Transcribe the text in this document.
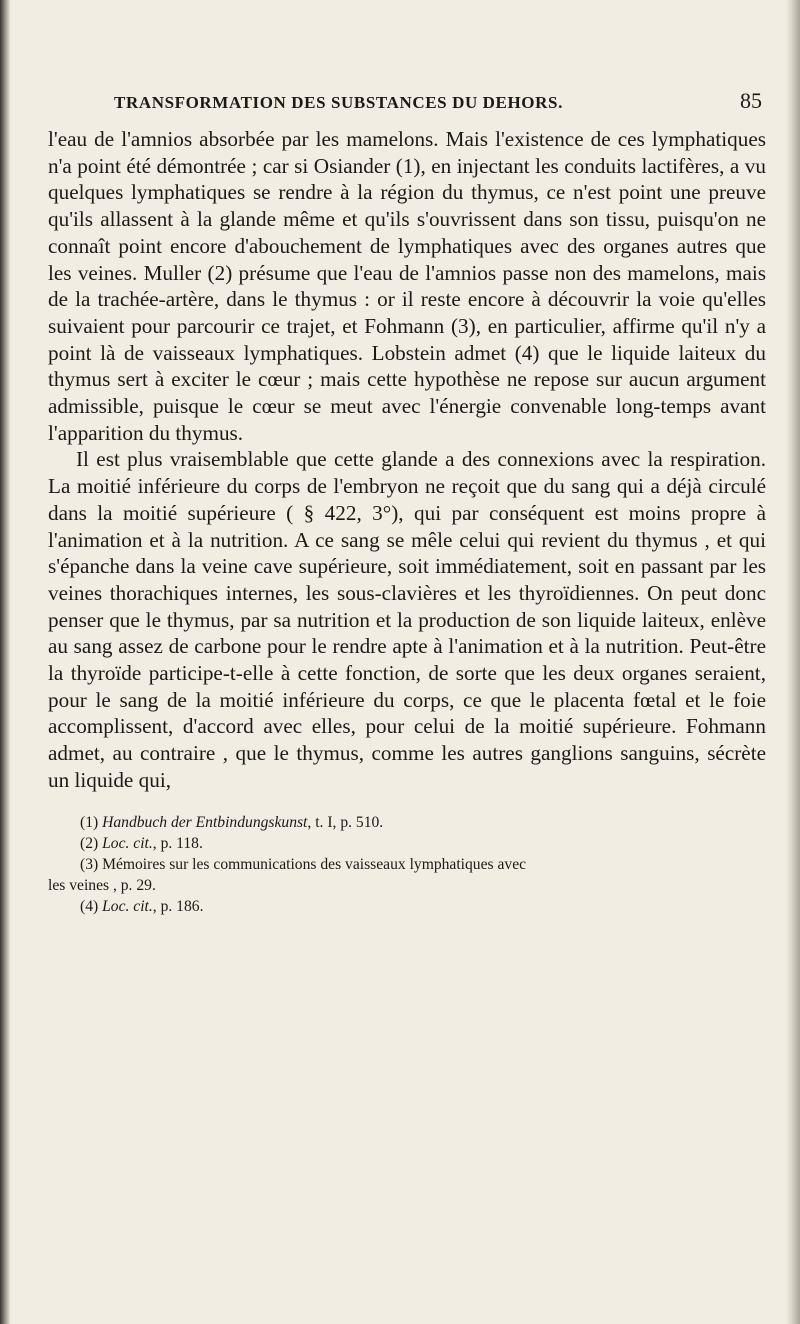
TRANSFORMATION DES SUBSTANCES DU DEHORS.	85

l'eau de l'amnios absorbée par les mamelons. Mais l'existence de ces lymphatiques n'a point été démontrée ; car si Osiander (1), en injectant les conduits lactifères, a vu quelques lymphatiques se rendre à la région du thymus, ce n'est point une preuve qu'ils allassent à la glande même et qu'ils s'ouvrissent dans son tissu, puisqu'on ne connaît point encore d'abouchement de lymphatiques avec des organes autres que les veines. Muller (2) présume que l'eau de l'amnios passe non des mamelons, mais de la trachée-artère, dans le thymus : or il reste encore à découvrir la voie qu'elles suivaient pour parcourir ce trajet, et Fohmann (3), en particulier, affirme qu'il n'y a point là de vaisseaux lymphatiques. Lobstein admet (4) que le liquide laiteux du thymus sert à exciter le cœur ; mais cette hypothèse ne repose sur aucun argument admissible, puisque le cœur se meut avec l'énergie convenable long-temps avant l'apparition du thymus.

Il est plus vraisemblable que cette glande a des connexions avec la respiration. La moitié inférieure du corps de l'embryon ne reçoit que du sang qui a déjà circulé dans la moitié supérieure ( § 422, 3°), qui par conséquent est moins propre à l'animation et à la nutrition. A ce sang se mêle celui qui revient du thymus , et qui s'épanche dans la veine cave supérieure, soit immédiatement, soit en passant par les veines thorachiques internes, les sous-clavières et les thyroïdiennes. On peut donc penser que le thymus, par sa nutrition et la production de son liquide laiteux, enlève au sang assez de carbone pour le rendre apte à l'animation et à la nutrition. Peut-être la thyroïde participe-t-elle à cette fonction, de sorte que les deux organes seraient, pour le sang de la moitié inférieure du corps, ce que le placenta fœtal et le foie accomplissent, d'accord avec elles, pour celui de la moitié supérieure. Fohmann admet, au contraire , que le thymus, comme les autres ganglions sanguins, sécrète un liquide qui,

(1) Handbuch der Entbindungskunst, t. I, p. 510.

(2) Loc. cit., p. 118.

(3) Mémoires sur les communications des vaisseaux lymphatiques avec
les veines , p. 29.

(4) Loc. cit., p. 186.
